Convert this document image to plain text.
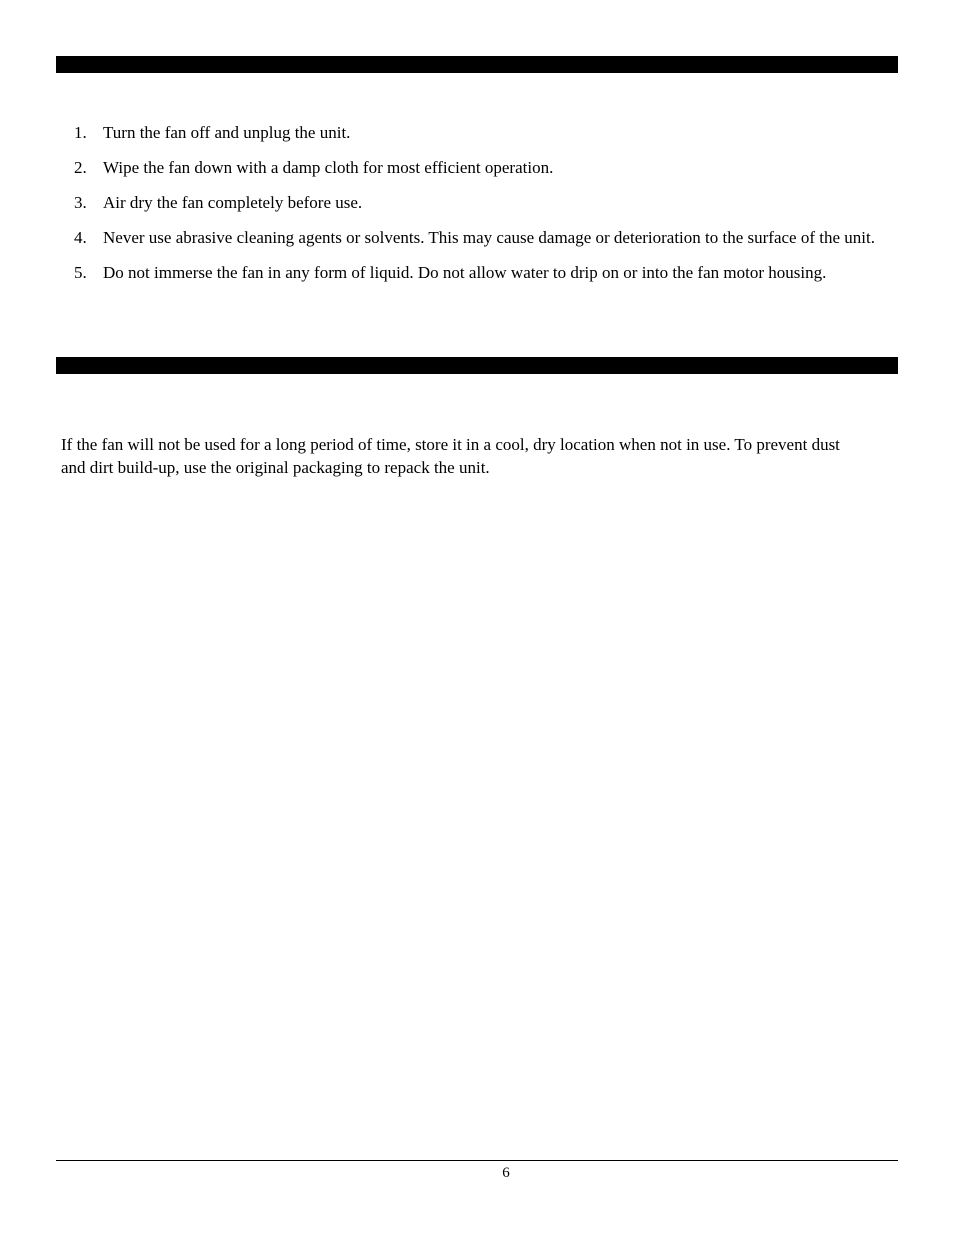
1. Turn the fan off and unplug the unit.
2. Wipe the fan down with a damp cloth for most efficient operation.
3. Air dry the fan completely before use.
4. Never use abrasive cleaning agents or solvents. This may cause damage or deterioration to the surface of the unit.
5. Do not immerse the fan in any form of liquid. Do not allow water to drip on or into the fan motor housing.

If the fan will not be used for a long period of time, store it in a cool, dry location when not in use. To prevent dust and dirt build-up, use the original packaging to repack the unit.

6
